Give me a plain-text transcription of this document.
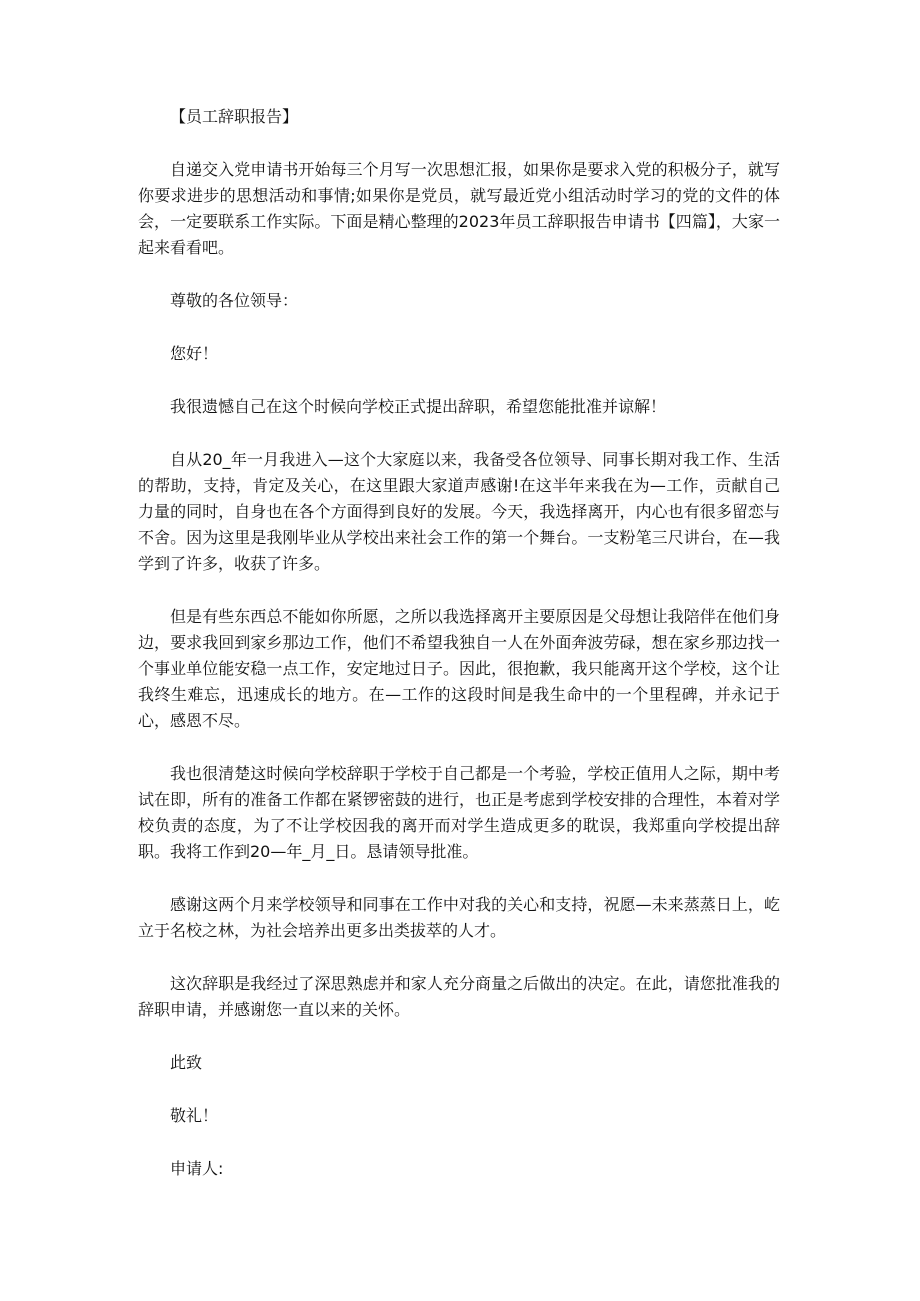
【员工辞职报告】

自递交入党申请书开始每三个月写一次思想汇报，如果你是要求入党的积极分子，就写你要求进步的思想活动和事情;如果你是党员，就写最近党小组活动时学习的党的文件的体会，一定要联系工作实际。下面是精心整理的2023年员工辞职报告申请书【四篇】，大家一起来看看吧。

尊敬的各位领导：

您好！

我很遗憾自己在这个时候向学校正式提出辞职，希望您能批准并谅解！

自从20_年一月我进入—这个大家庭以来，我备受各位领导、同事长期对我工作、生活的帮助，支持，肯定及关心，在这里跟大家道声感谢!在这半年来我在为—工作，贡献自己力量的同时，自身也在各个方面得到良好的发展。今天，我选择离开，内心也有很多留恋与不舍。因为这里是我刚毕业从学校出来社会工作的第一个舞台。一支粉笔三尺讲台，在—我学到了许多，收获了许多。

但是有些东西总不能如你所愿，之所以我选择离开主要原因是父母想让我陪伴在他们身边，要求我回到家乡那边工作，他们不希望我独自一人在外面奔波劳碌，想在家乡那边找一个事业单位能安稳一点工作，安定地过日子。因此，很抱歉，我只能离开这个学校，这个让我终生难忘，迅速成长的地方。在—工作的这段时间是我生命中的一个里程碑，并永记于心，感恩不尽。

我也很清楚这时候向学校辞职于学校于自己都是一个考验，学校正值用人之际，期中考试在即，所有的准备工作都在紧锣密鼓的进行，也正是考虑到学校安排的合理性，本着对学校负责的态度，为了不让学校因我的离开而对学生造成更多的耽误，我郑重向学校提出辞职。我将工作到20—年_月_日。恳请领导批准。

感谢这两个月来学校领导和同事在工作中对我的关心和支持，祝愿—未来蒸蒸日上，屹立于名校之林，为社会培养出更多出类拔萃的人才。

这次辞职是我经过了深思熟虑并和家人充分商量之后做出的决定。在此，请您批准我的辞职申请，并感谢您一直以来的关怀。

此致

敬礼！

申请人:
